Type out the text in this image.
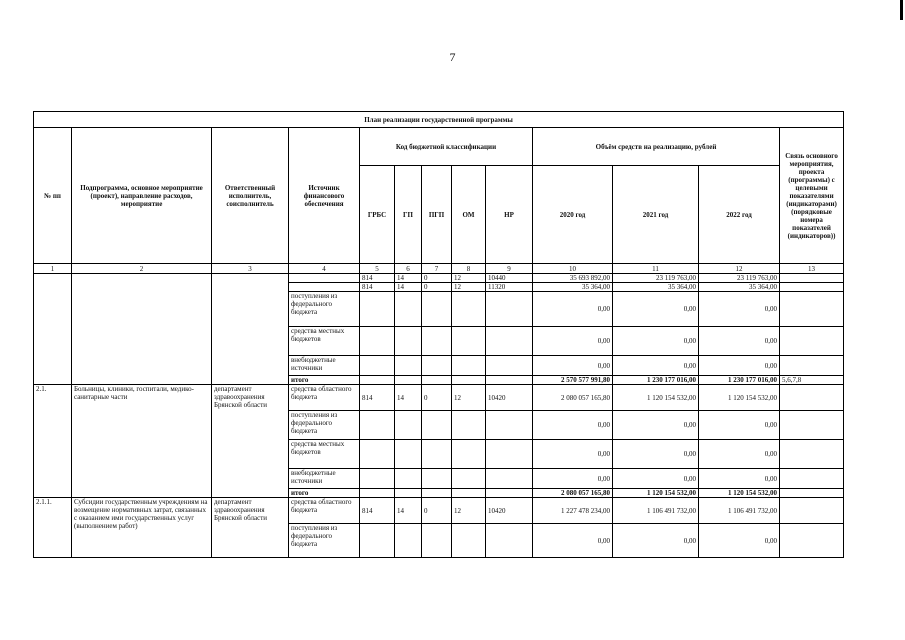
7
План реализации государственной программы												
№ пп	Подпрограмма, основное мероприятие (проект), направление расходов, мероприятие	Ответственный исполнитель, соисполнитель	Источник финансового обеспечения	Код бюджетной классификации					Объём средств на реализацию, рублей			Связь основного мероприятия, проекта (программы) с целевыми показателями (индикаторами) (порядковые номера показателей (индикаторов))
				ГРБС	ГП	ПГП	ОМ	НР	2020 год	2021 год	2022 год	
1	2	3	4	5	6	7	8	9	10	11	12	13
				814	14	0	12	10440	35 693 892,00	23 119 763,00	23 119 763,00	
				814	14	0	12	11320	35 364,00	35 364,00	35 364,00	
			поступления из федерального бюджета						0,00	0,00	0,00	
			средства местных бюджетов						0,00	0,00	0,00	
			внебюджетные источники						0,00	0,00	0,00	
			итого						2 570 577 991,80	1 230 177 016,00	1 230 177 016,00	5,6,7,8
2.1.	Больницы, клиники, госпитали, медико-санитарные части	департамент здравоохранения Брянской области	средства областного бюджета	814	14	0	12	10420	2 080 057 165,80	1 120 154 532,00	1 120 154 532,00	
			поступления из федерального бюджета						0,00	0,00	0,00	
			средства местных бюджетов						0,00	0,00	0,00	
			внебюджетные источники						0,00	0,00	0,00	
			итого						2 080 057 165,80	1 120 154 532,00	1 120 154 532,00	
2.1.1.	Субсидии государственным учреждениям на возмещение нормативных затрат, связанных с оказанием ими государственных услуг (выполнением работ)	департамент здравоохранения Брянской области	средства областного бюджета	814	14	0	12	10420	1 227 478 234,00	1 106 491 732,00	1 106 491 732,00	
			поступления из федерального бюджета						0,00	0,00	0,00	
